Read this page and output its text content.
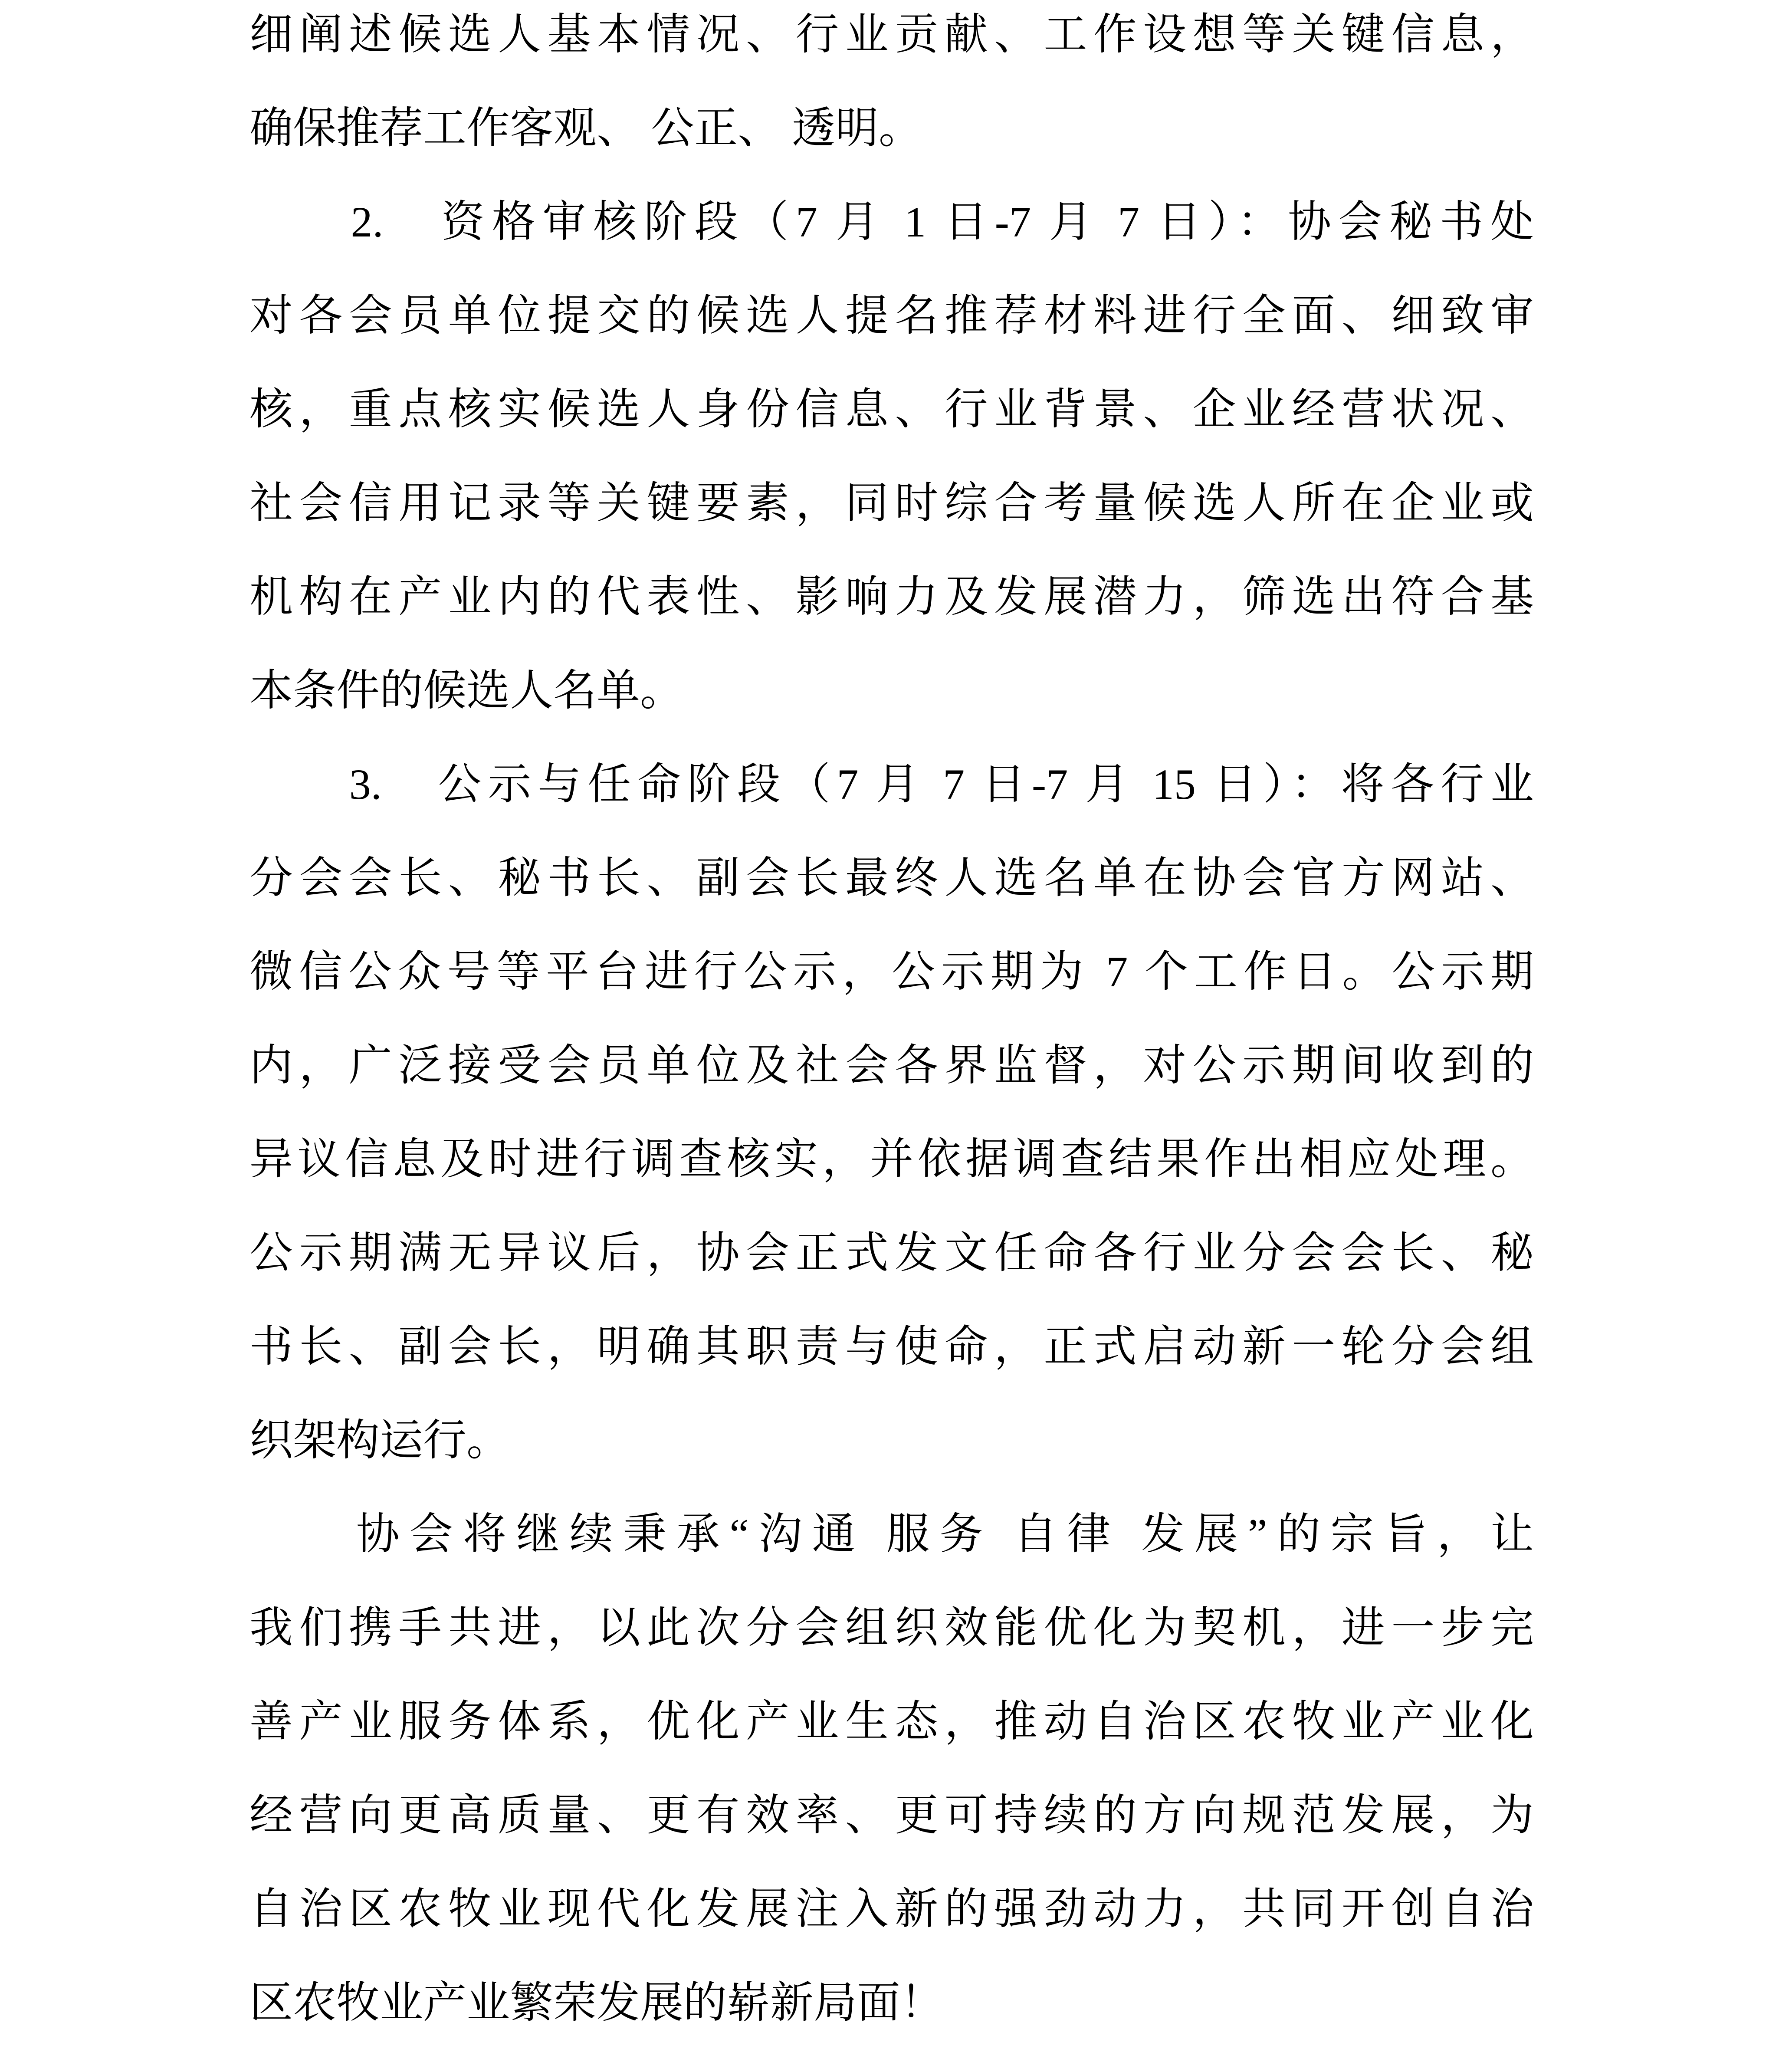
细阐述候选人基本情况、行业贡献、工作设想等关键信息，
确保推荐工作客观、 公正、 透明。
　　2.　资格审核阶段（7 月 1 日-7 月 7 日）：协会秘书处
对各会员单位提交的候选人提名推荐材料进行全面、细致审
核，重点核实候选人身份信息、行业背景、企业经营状况、
社会信用记录等关键要素，同时综合考量候选人所在企业或
机构在产业内的代表性、影响力及发展潜力，筛选出符合基
本条件的候选人名单。
　　3.　公示与任命阶段（7 月 7 日-7 月 15 日）：将各行业
分会会长、秘书长、副会长最终人选名单在协会官方网站、
微信公众号等平台进行公示，公示期为 7 个工作日。公示期
内，广泛接受会员单位及社会各界监督，对公示期间收到的
异议信息及时进行调查核实，并依据调查结果作出相应处理。
公示期满无异议后，协会正式发文任命各行业分会会长、秘
书长、副会长，明确其职责与使命，正式启动新一轮分会组
织架构运行。
　　协会将继续秉承“沟通 服务 自律 发展”的宗旨，让
我们携手共进，以此次分会组织效能优化为契机，进一步完
善产业服务体系，优化产业生态，推动自治区农牧业产业化
经营向更高质量、更有效率、更可持续的方向规范发展，为
自治区农牧业现代化发展注入新的强劲动力，共同开创自治
区农牧业产业繁荣发展的崭新局面！
